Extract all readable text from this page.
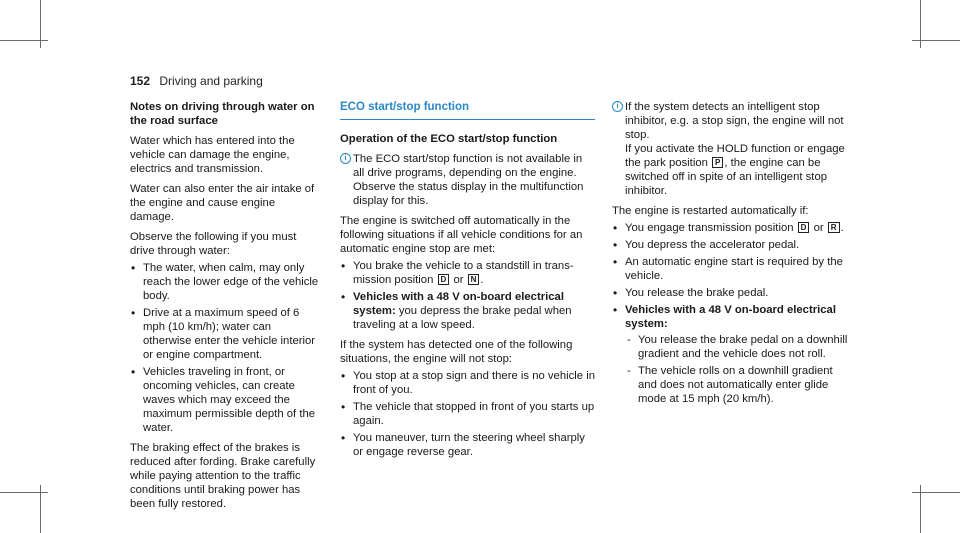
152 Driving and parking

Notes on driving through water on the road surface

Water which has entered into the vehicle can damage the engine, electrics and transmission.

Water can also enter the air intake of the engine and cause engine damage.

Observe the following if you must drive through water:

• The water, when calm, may only reach the lower edge of the vehicle body.
• Drive at a maximum speed of 6 mph (10 km/h); water can otherwise enter the vehicle interior or engine compartment.
• Vehicles traveling in front, or oncoming vehicles, can create waves which may exceed the maximum permissible depth of the water.

The braking effect of the brakes is reduced after fording. Brake carefully while paying attention to the traffic conditions until braking power has been fully restored.

ECO start/stop function

Operation of the ECO start/stop function

i The ECO start/stop function is not available in all drive programs, depending on the engine. Observe the status display in the multifunction display for this.

The engine is switched off automatically in the following situations if all vehicle conditions for an automatic engine stop are met:

• You brake the vehicle to a standstill in transmission position D or N .
• Vehicles with a 48 V on-board electrical system: you depress the brake pedal when traveling at a low speed.

If the system has detected one of the following situations, the engine will not stop:

• You stop at a stop sign and there is no vehicle in front of you.
• The vehicle that stopped in front of you starts up again.
• You maneuver, turn the steering wheel sharply or engage reverse gear.
i If the system detects an intelligent stop inhibitor, e.g. a stop sign, the engine will not stop.
If you activate the HOLD function or engage the park position P , the engine can be switched off in spite of an intelligent stop inhibitor.

The engine is restarted automatically if:

• You engage transmission position D or R .
• You depress the accelerator pedal.
• An automatic engine start is required by the vehicle.
• You release the brake pedal.
• Vehicles with a 48 V on-board electrical system:
- You release the brake pedal on a downhill gradient and the vehicle does not roll.
- The vehicle rolls on a downhill gradient and does not automatically enter glide mode at 15 mph (20 km/h).
